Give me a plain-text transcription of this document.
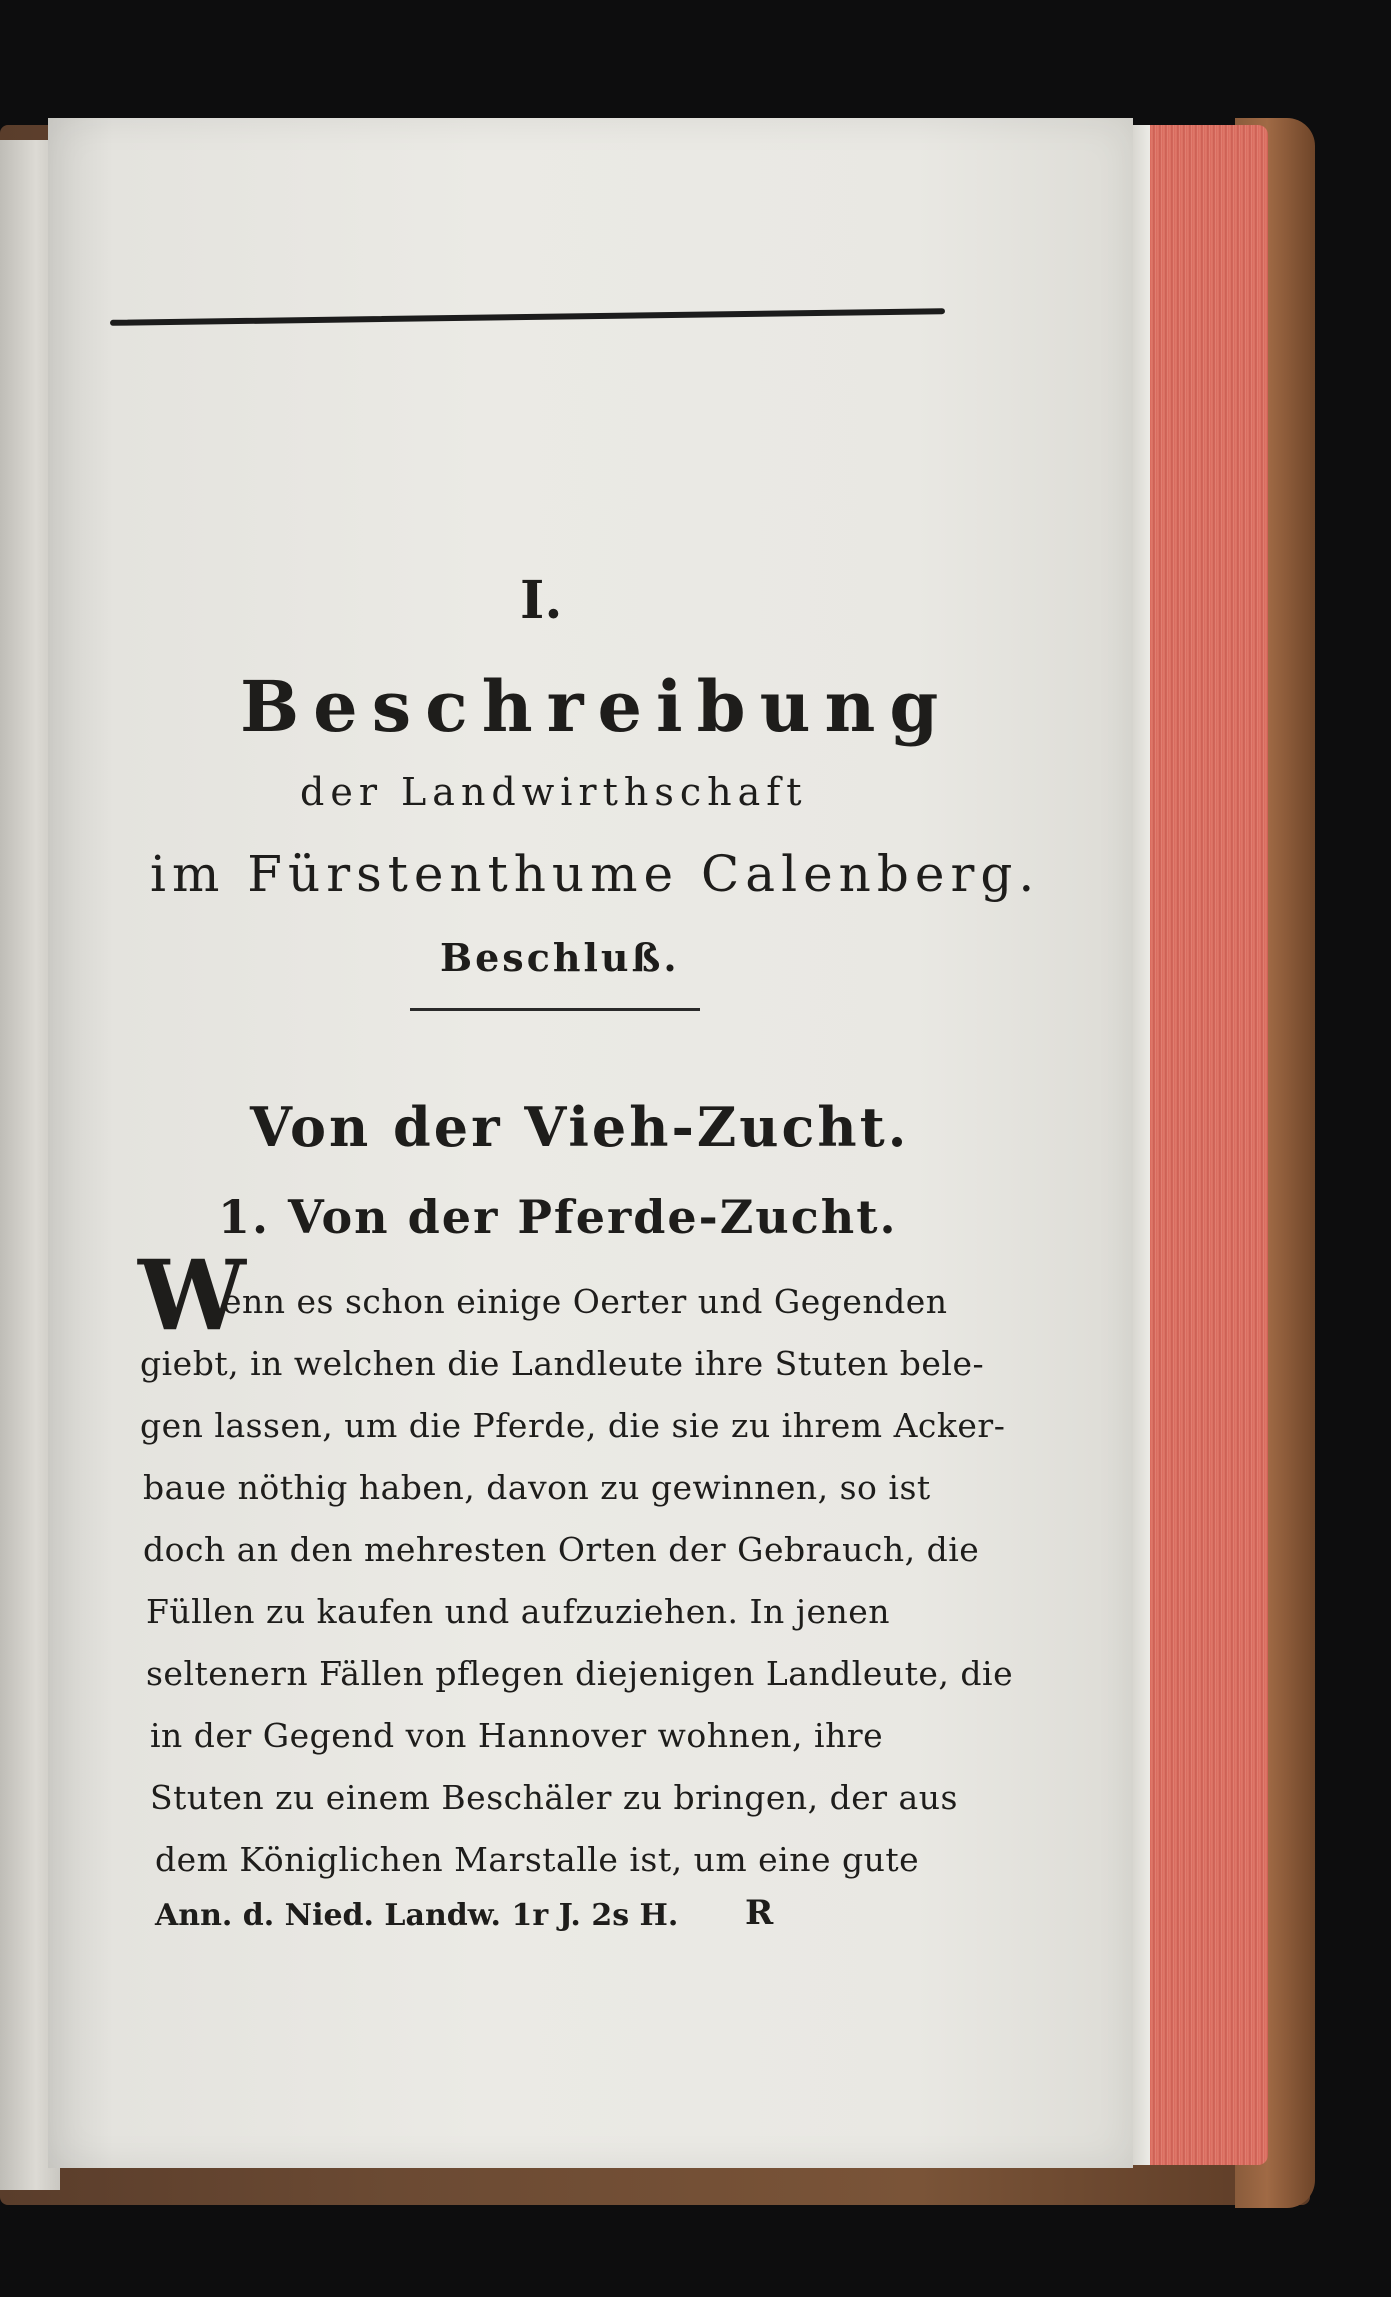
I.
Beschreibung
der Landwirthschaft
im Fürstenthume Calenberg.
Beschluß.
Von der Vieh-Zucht.
1. Von der Pferde-Zucht.
W
enn es schon einige Oerter und Gegenden
giebt, in welchen die Landleute ihre Stuten bele-
gen lassen, um die Pferde, die sie zu ihrem Acker-
baue nöthig haben, davon zu gewinnen, so ist
doch an den mehresten Orten der Gebrauch, die
Füllen zu kaufen und aufzuziehen. In jenen
seltenern Fällen pflegen diejenigen Landleute, die
in der Gegend von Hannover wohnen, ihre
Stuten zu einem Beschäler zu bringen, der aus
dem Königlichen Marstalle ist, um eine gute
Ann. d. Nied. Landw. 1r J. 2s H. R
